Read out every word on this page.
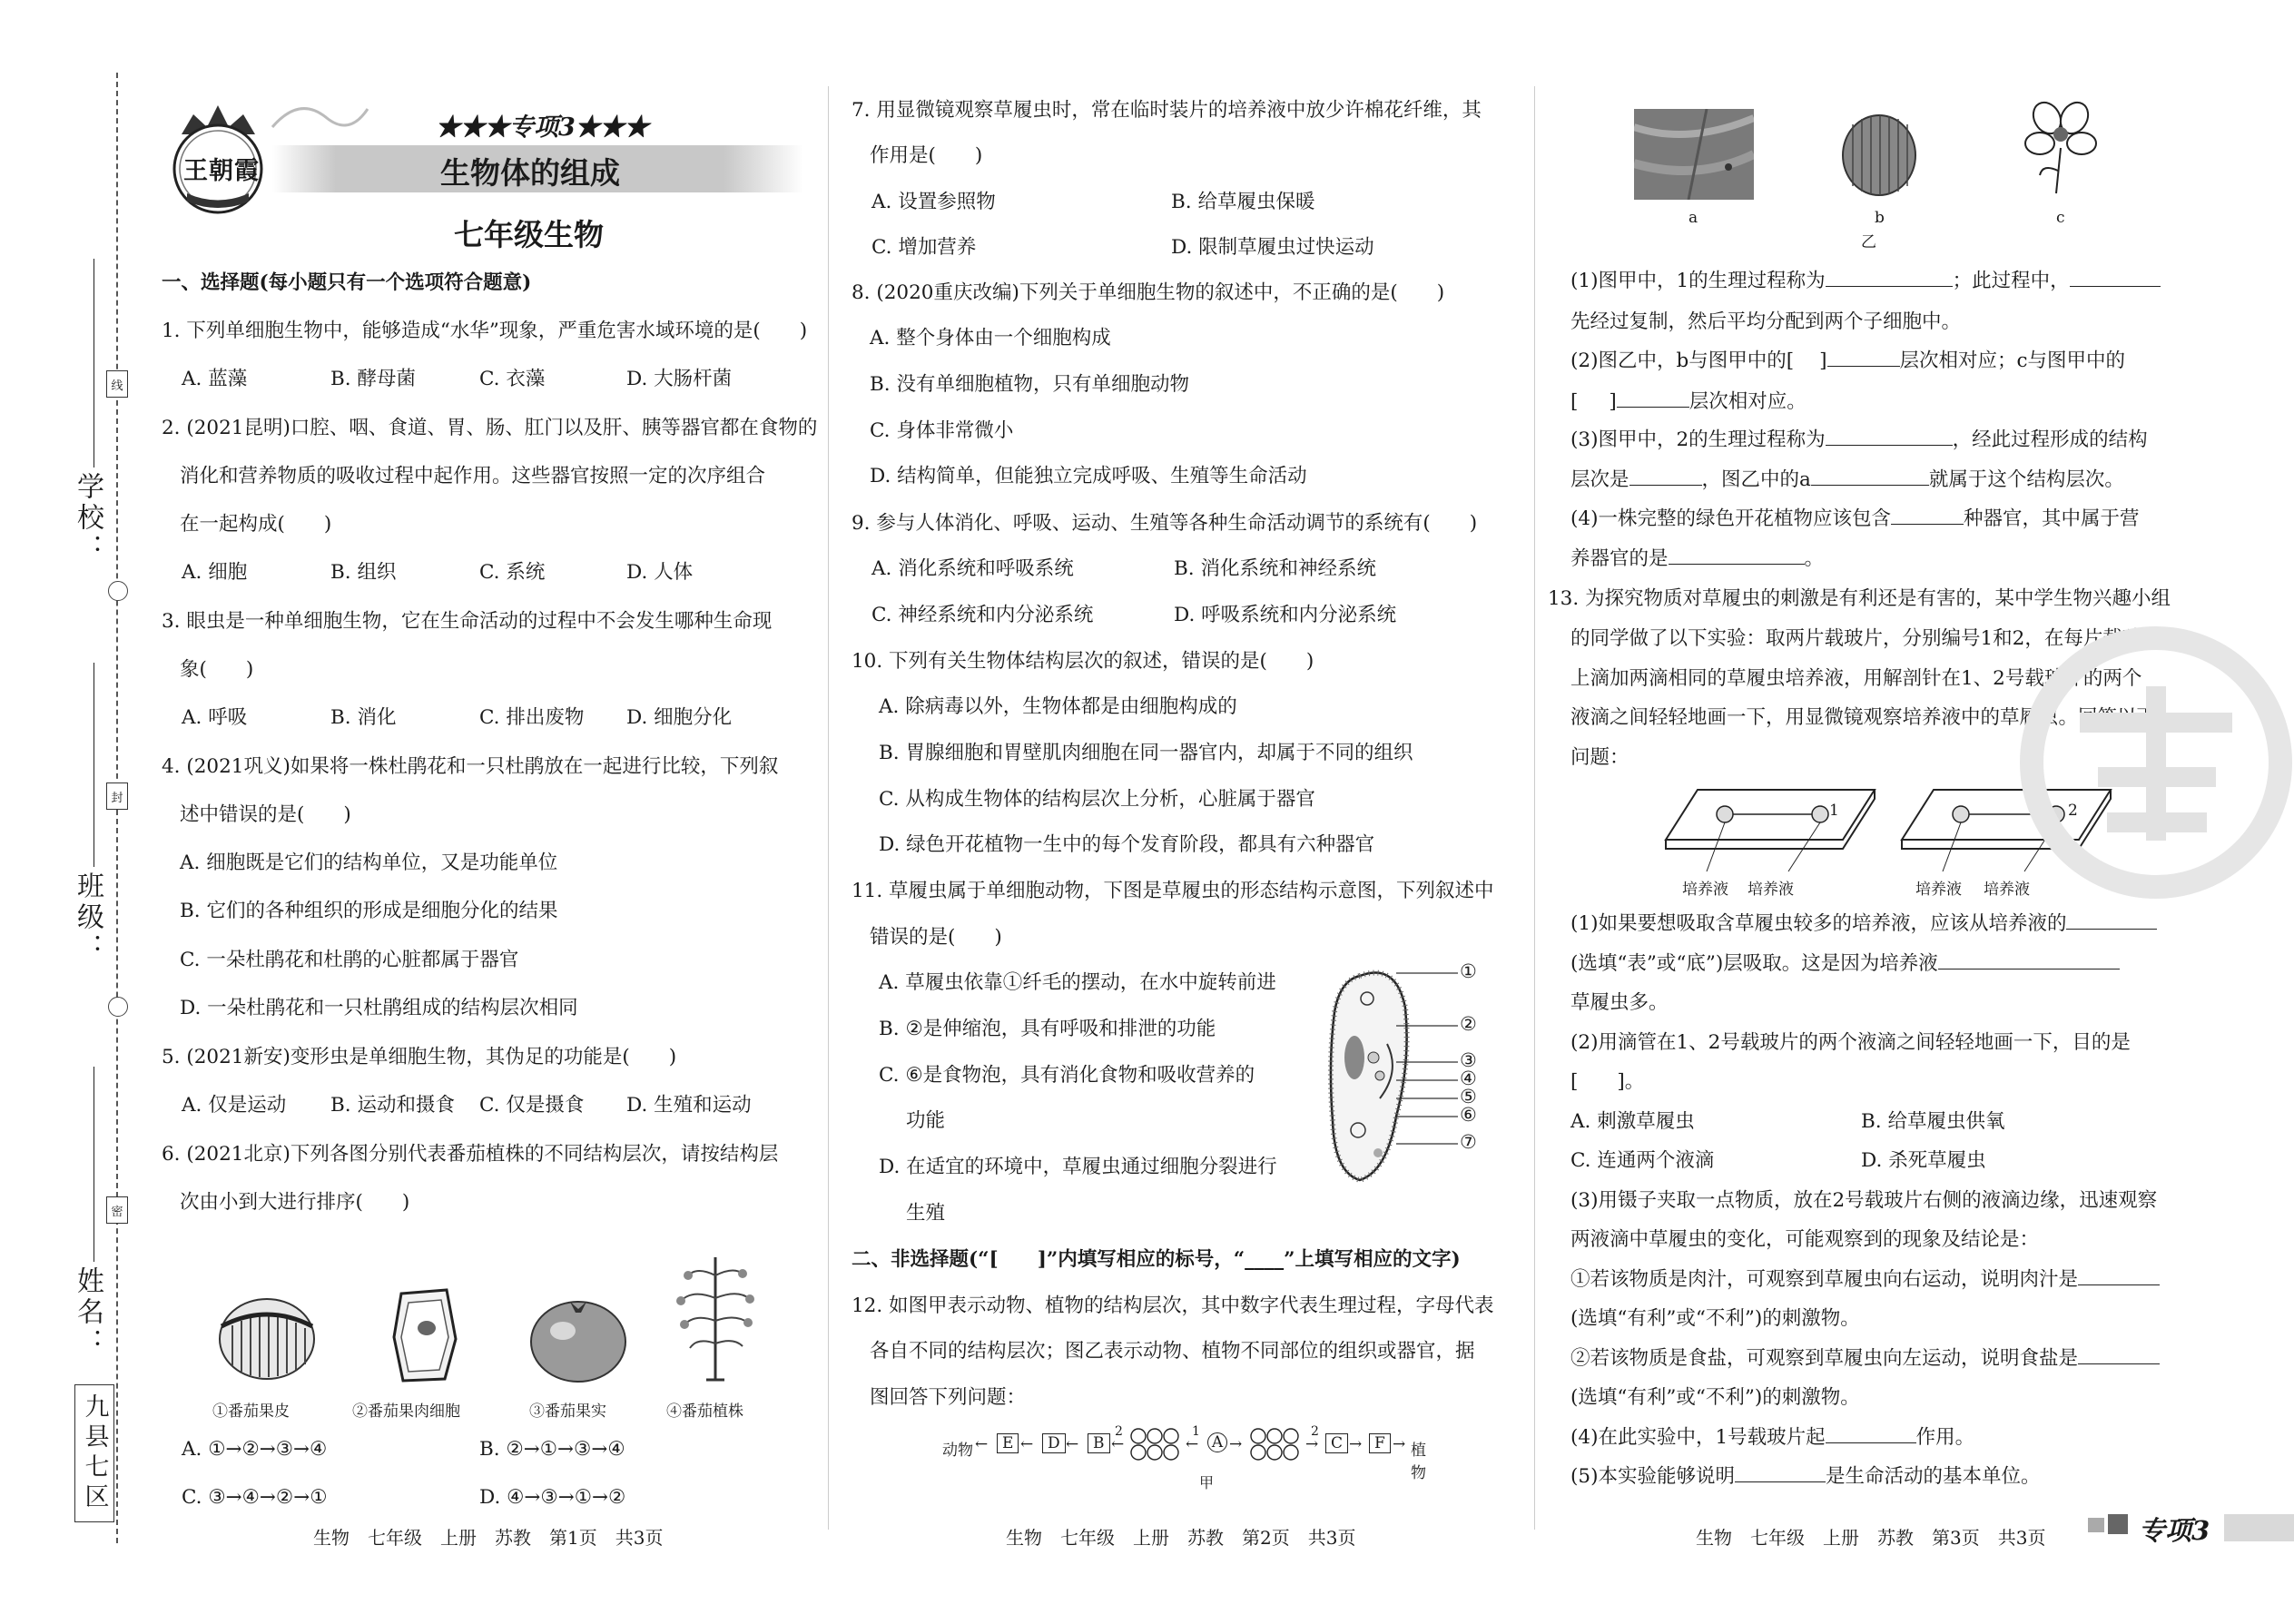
线
封
密
学校：
班级：
姓名：
九县七区
王朝霞
★★★专项3★★★
生物体的组成
七年级生物
一、选择题(每小题只有一个选项符合题意)
1. 下列单细胞生物中，能够造成“水华”现象，严重危害水域环境的是(　　)
A. 蓝藻	B. 酵母菌	C. 衣藻	D. 大肠杆菌
2. (2021昆明)口腔、咽、食道、胃、肠、肛门以及肝、胰等器官都在食物的
消化和营养物质的吸收过程中起作用。这些器官按照一定的次序组合
在一起构成(　　)
A. 细胞	B. 组织	C. 系统	D. 人体
3. 眼虫是一种单细胞生物，它在生命活动的过程中不会发生哪种生命现
象(　　)
A. 呼吸	B. 消化	C. 排出废物 D. 细胞分化
4. (2021巩义)如果将一株杜鹃花和一只杜鹃放在一起进行比较，下列叙
述中错误的是(　　)
A. 细胞既是它们的结构单位，又是功能单位
B. 它们的各种组织的形成是细胞分化的结果
C. 一朵杜鹃花和杜鹃的心脏都属于器官
D. 一朵杜鹃花和一只杜鹃组成的结构层次相同
5. (2021新安)变形虫是单细胞生物，其伪足的功能是(　　)
A. 仅是运动 B. 运动和摄食 C. 仅是摄食 D. 生殖和运动
6. (2021北京)下列各图分别代表番茄植株的不同结构层次，请按结构层
次由小到大进行排序(　　)
①番茄果皮	②番茄果肉细胞	③番茄果实	④番茄植株
A. ①→②→③→④	B. ②→①→③→④
C. ③→④→②→①	D. ④→③→①→②
生物　七年级　上册　苏教　第1页　共3页
7. 用显微镜观察草履虫时，常在临时装片的培养液中放少许棉花纤维，其
作用是(　　)
A. 设置参照物	B. 给草履虫保暖
C. 增加营养	D. 限制草履虫过快运动
8. (2020重庆改编)下列关于单细胞生物的叙述中，不正确的是(　　)
A. 整个身体由一个细胞构成
B. 没有单细胞植物，只有单细胞动物
C. 身体非常微小
D. 结构简单，但能独立完成呼吸、生殖等生命活动
9. 参与人体消化、呼吸、运动、生殖等各种生命活动调节的系统有(　　)
A. 消化系统和呼吸系统	B. 消化系统和神经系统
C. 神经系统和内分泌系统	D. 呼吸系统和内分泌系统
10. 下列有关生物体结构层次的叙述，错误的是(　　)
A. 除病毒以外，生物体都是由细胞构成的
B. 胃腺细胞和胃壁肌肉细胞在同一器官内，却属于不同的组织
C. 从构成生物体的结构层次上分析，心脏属于器官
D. 绿色开花植物一生中的每个发育阶段，都具有六种器官
11. 草履虫属于单细胞动物，下图是草履虫的形态结构示意图，下列叙述中
错误的是(　　)
A. 草履虫依靠①纤毛的摆动，在水中旋转前进
B. ②是伸缩泡，具有呼吸和排泄的功能
C. ⑥是食物泡，具有消化食物和吸收营养的
功能
D. 在适宜的环境中，草履虫通过细胞分裂进行
生殖
①
②
③
④
⑤
⑥
⑦
二、非选择题(“[　　]”内填写相应的标号，“____”上填写相应的文字)
12. 如图甲表示动物、植物的结构层次，其中数字代表生理过程，字母代表
各自不同的结构层次；图乙表示动物、植物不同部位的组织或器官，据
图回答下列问题：
动物 ← E ← D ← B
2
←
1
← A →
2
→ C → F → 植物
甲
生物　七年级　上册　苏教　第2页　共3页
a	b	c
乙
(1)图甲中，1的生理过程称为	；此过程中，
先经过复制，然后平均分配到两个子细胞中。
(2)图乙中，b与图甲中的[ ]	层次相对应；c与图甲中的
[ ]	层次相对应。
(3)图甲中，2的生理过程称为	，经此过程形成的结构
层次是	，图乙中的a	就属于这个结构层次。
(4)一株完整的绿色开花植物应该包含	种器官，其中属于营
养器官的是	。
13. 为探究物质对草履虫的刺激是有利还是有害的，某中学生物兴趣小组
的同学做了以下实验：取两片载玻片，分别编号1和2，在每片载玻片
上滴加两滴相同的草履虫培养液，用解剖针在1、2号载玻片的两个
液滴之间轻轻地画一下，用显微镜观察培养液中的草履虫。回答以下
问题：
1	2
培养液 培养液	培养液 培养液
(1)如果要想吸取含草履虫较多的培养液，应该从培养液的
(选填“表”或“底”)层吸取。这是因为培养液
草履虫多。
(2)用滴管在1、2号载玻片的两个液滴之间轻轻地画一下，目的是
[　　]。
A. 刺激草履虫	B. 给草履虫供氧
C. 连通两个液滴	D. 杀死草履虫
(3)用镊子夹取一点物质，放在2号载玻片右侧的液滴边缘，迅速观察
两液滴中草履虫的变化，可能观察到的现象及结论是：
①若该物质是肉汁，可观察到草履虫向右运动，说明肉汁是
(选填“有利”或“不利”)的刺激物。
②若该物质是食盐，可观察到草履虫向左运动，说明食盐是
(选填“有利”或“不利”)的刺激物。
(4)在此实验中，1号载玻片起	作用。
(5)本实验能够说明	是生命活动的基本单位。
生物　七年级　上册　苏教　第3页　共3页	专项3
